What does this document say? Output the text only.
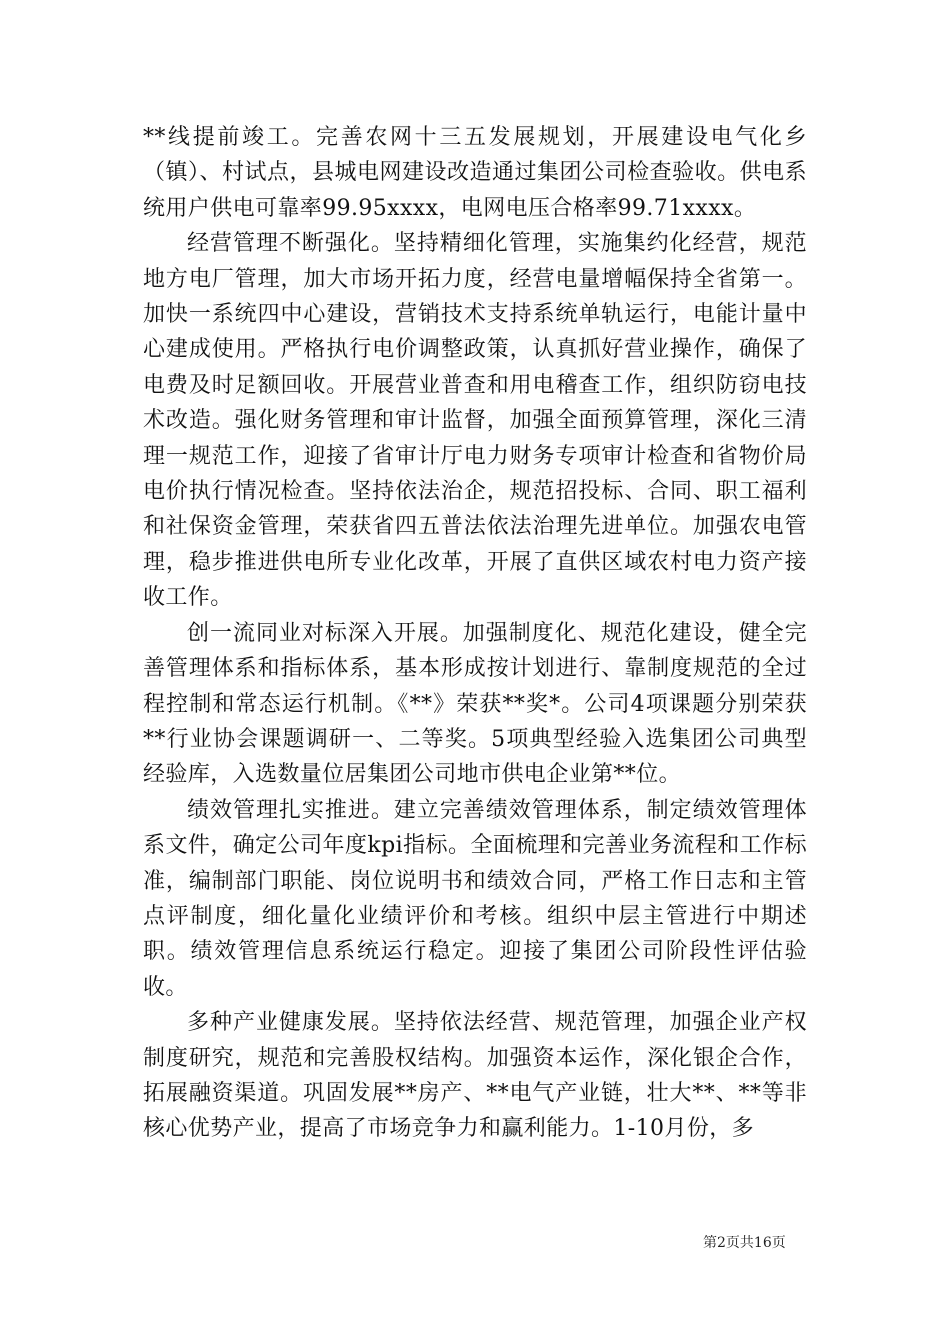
**线提前竣工。完善农网十三五发展规划，开展建设电气化乡（镇）、村试点，县城电网建设改造通过集团公司检查验收。供电系统用户供电可靠率99.95xxxx，电网电压合格率99.71xxxx。

经营管理不断强化。坚持精细化管理，实施集约化经营，规范地方电厂管理，加大市场开拓力度，经营电量增幅保持全省第一。加快一系统四中心建设，营销技术支持系统单轨运行，电能计量中心建成使用。严格执行电价调整政策，认真抓好营业操作，确保了电费及时足额回收。开展营业普查和用电稽查工作，组织防窃电技术改造。强化财务管理和审计监督，加强全面预算管理，深化三清理一规范工作，迎接了省审计厅电力财务专项审计检查和省物价局电价执行情况检查。坚持依法治企，规范招投标、合同、职工福利和社保资金管理，荣获省四五普法依法治理先进单位。加强农电管理，稳步推进供电所专业化改革，开展了直供区域农村电力资产接收工作。

创一流同业对标深入开展。加强制度化、规范化建设，健全完善管理体系和指标体系，基本形成按计划进行、靠制度规范的全过程控制和常态运行机制。《**》荣获**奖*。公司4项课题分别荣获**行业协会课题调研一、二等奖。5项典型经验入选集团公司典型经验库，入选数量位居集团公司地市供电企业第**位。

绩效管理扎实推进。建立完善绩效管理体系，制定绩效管理体系文件，确定公司年度kpi指标。全面梳理和完善业务流程和工作标准，编制部门职能、岗位说明书和绩效合同，严格工作日志和主管点评制度，细化量化业绩评价和考核。组织中层主管进行中期述职。绩效管理信息系统运行稳定。迎接了集团公司阶段性评估验收。

多种产业健康发展。坚持依法经营、规范管理，加强企业产权制度研究，规范和完善股权结构。加强资本运作，深化银企合作，拓展融资渠道。巩固发展**房产、**电气产业链，壮大**、**等非核心优势产业，提高了市场竞争力和赢利能力。1-10月份，多

第2页共16页
